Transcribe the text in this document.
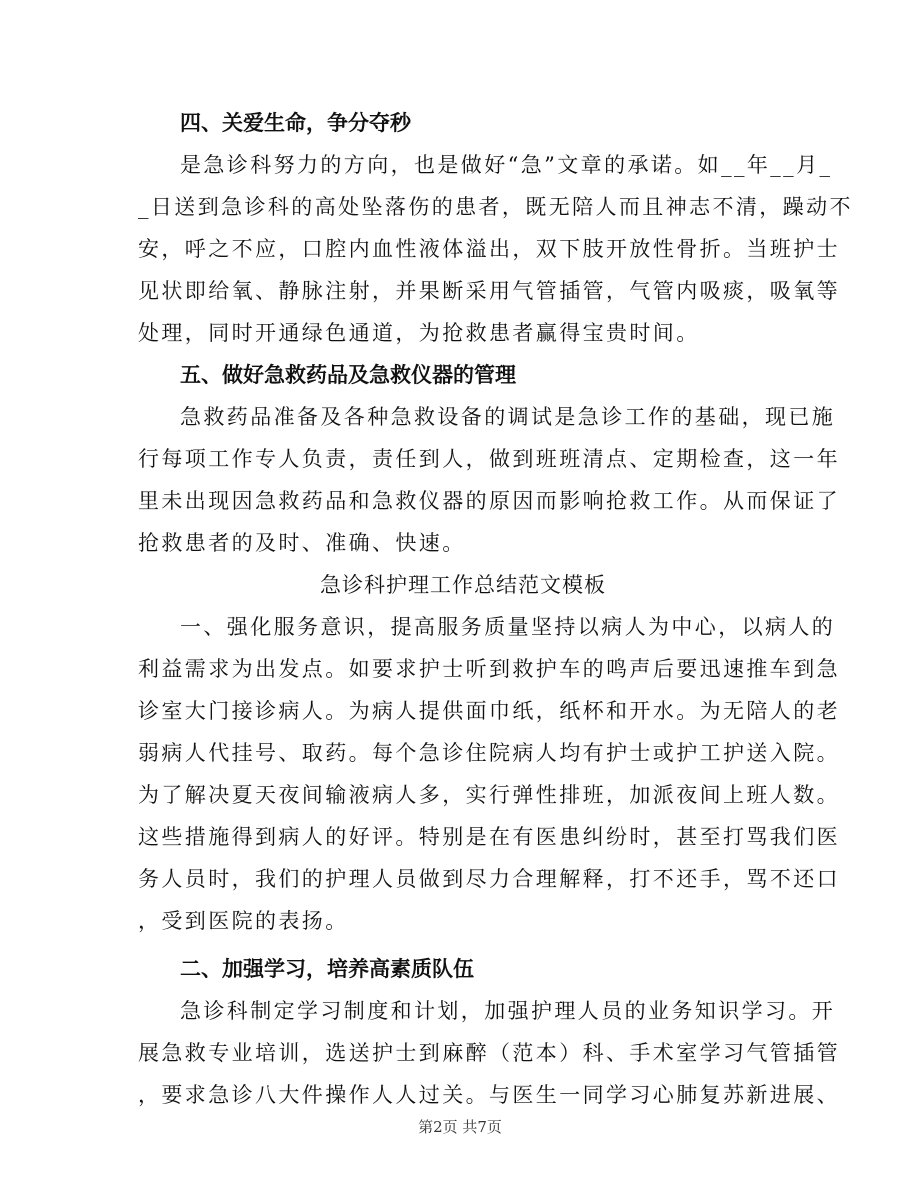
四、关爱生命，争分夺秒

是急诊科努力的方向，也是做好“急”文章的承诺。如__年__月_

_日送到急诊科的高处坠落伤的患者，既无陪人而且神志不清，躁动不

安，呼之不应，口腔内血性液体溢出，双下肢开放性骨折。当班护士

见状即给氧、静脉注射，并果断采用气管插管，气管内吸痰，吸氧等

处理，同时开通绿色通道，为抢救患者赢得宝贵时间。

五、做好急救药品及急救仪器的管理

急救药品准备及各种急救设备的调试是急诊工作的基础，现已施

行每项工作专人负责，责任到人，做到班班清点、定期检查，这一年

里未出现因急救药品和急救仪器的原因而影响抢救工作。从而保证了

抢救患者的及时、准确、快速。

急诊科护理工作总结范文模板

一、强化服务意识，提高服务质量坚持以病人为中心，以病人的

利益需求为出发点。如要求护士听到救护车的鸣声后要迅速推车到急

诊室大门接诊病人。为病人提供面巾纸，纸杯和开水。为无陪人的老

弱病人代挂号、取药。每个急诊住院病人均有护士或护工护送入院。

为了解决夏天夜间输液病人多，实行弹性排班，加派夜间上班人数。

这些措施得到病人的好评。特别是在有医患纠纷时，甚至打骂我们医

务人员时，我们的护理人员做到尽力合理解释，打不还手，骂不还口

，受到医院的表扬。

二、加强学习，培养高素质队伍

急诊科制定学习制度和计划，加强护理人员的业务知识学习。开

展急救专业培训，选送护士到麻醉（范本）科、手术室学习气管插管

，要求急诊八大件操作人人过关。与医生一同学习心肺复苏新进展、

第2页 共7页
